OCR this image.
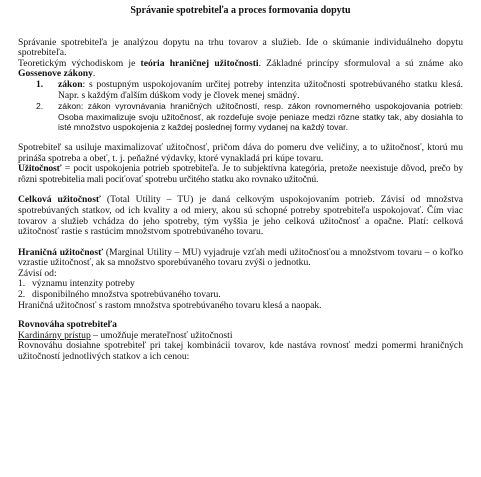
Správanie spotrebiteľa a proces formovania dopytu

Správanie spotrebiteľa je analýzou dopytu na trhu tovarov a služieb. Ide o skúmanie individuálneho dopytu spotrebiteľa.
Teoretickým východiskom je teória hraničnej užitočnosti. Základné princípy sformuloval a sú známe ako Gossenove zákony.

1. zákon: s postupným uspokojovaním určitej potreby intenzita užitočnosti spotrebúvaného statku klesá. Napr. s každým ďalším dúškom vody je človek menej smädný.
2. zákon: zákon vyrovnávania hraničných užitočností, resp. zákon rovnomerného uspokojovania potrieb: Osoba maximalizuje svoju užitočnosť, ak rozdeľuje svoje peniaze medzi rôzne statky tak, aby dosiahla to isté množstvo uspokojenia z každej poslednej formy vydanej na každý tovar.

Spotrebiteľ sa usiluje maximalizovať užitočnosť, pričom dáva do pomeru dve veličiny, a to užitočnosť, ktorú mu prináša spotreba a obeť, t. j. peňažné výdavky, ktoré vynakladá pri kúpe tovaru.

Užitočnosť = pocit uspokojenia potrieb spotrebiteľa. Je to subjektívna kategória, pretože neexistuje dôvod, prečo by rôzni spotrebitelia mali pociťovať spotrebu určitého statku ako rovnako užitočnú.

Celková užitočnosť (Total Utility – TU) je daná celkovým uspokojovaním potrieb. Závisí od množstva spotrebúvaných statkov, od ich kvality a od miery, akou sú schopné potreby spotrebiteľa uspokojovať. Čím viac tovarov a služieb vchádza do jeho spotreby, tým vyššia je jeho celková užitočnosť a opačne. Platí: celková užitočnosť rastie s rastúcim množstvom spotrebúvaného tovaru.

Hraničná užitočnosť (Marginal Utility – MU) vyjadruje vzťah medi užitočnosťou a množstvom tovaru – o koľko vzrastie užitočnosť, ak sa množstvo sporebúvaného tovaru zvýši o jednotku.

Závisí od:

1. významu intenzity potreby
2. disponibilného množstva spotrebúvaného tovaru.

Hraničná užitočnosť s rastom množstva spotrebúvaného tovaru klesá a naopak.

Rovnováha spotrebiteľa

Kardinárny prístup – umožňuje merateľnosť užitočnosti

Rovnováhu dosiahne spotrebiteľ pri takej kombinácii tovarov, kde nastáva rovnosť medzi pomermi hraničných užitočností jednotlivých statkov a ich cenou:
